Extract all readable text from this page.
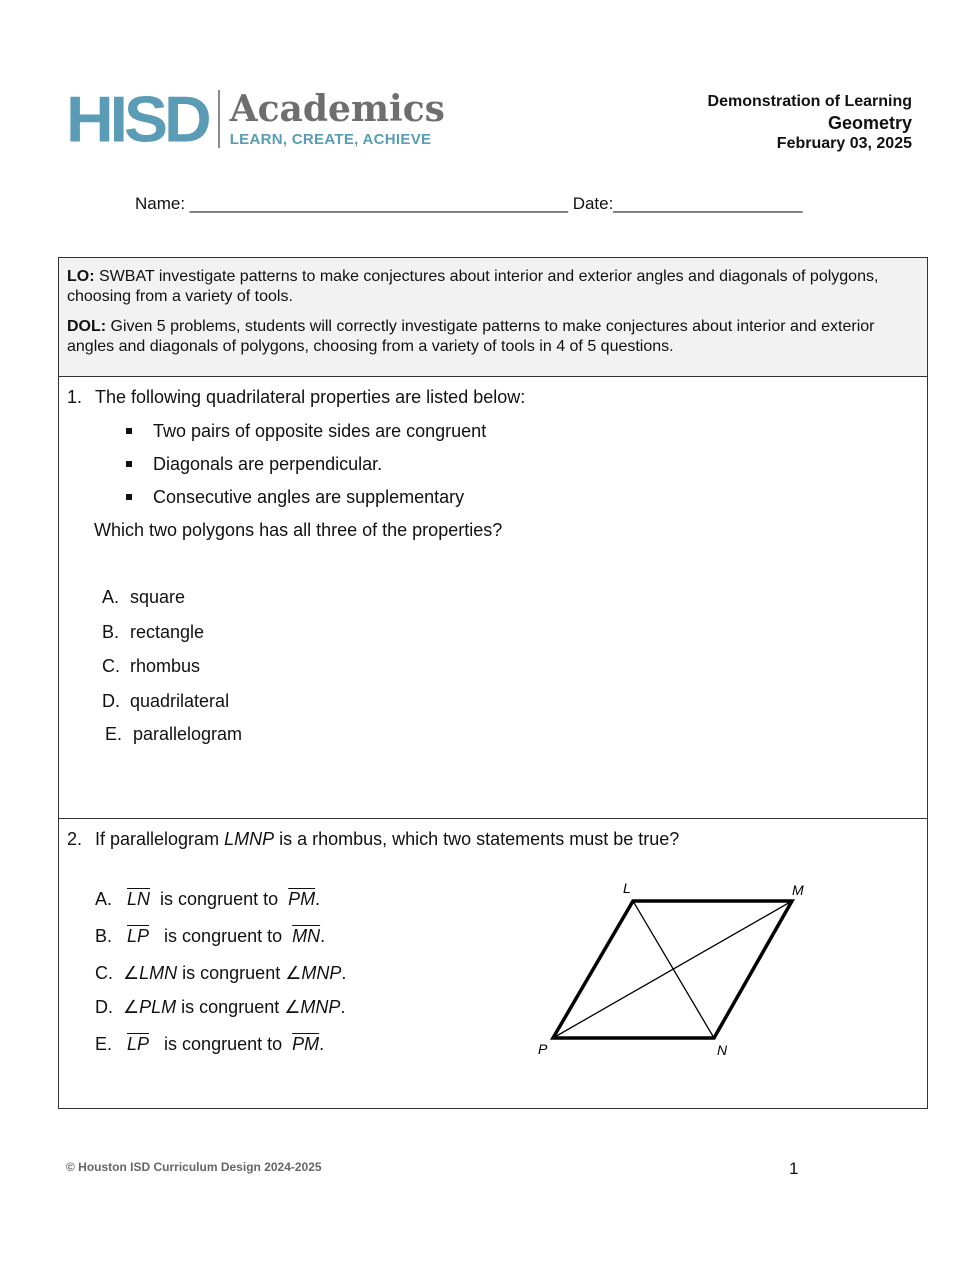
HISD Academics
LEARN, CREATE, ACHIEVE
Demonstration of Learning
Geometry
February 03, 2025
Name: ________________________________________ Date:____________________

LO: SWBAT investigate patterns to make conjectures about interior and exterior angles and diagonals of polygons, choosing from a variety of tools.

DOL: Given 5 problems, students will correctly investigate patterns to make conjectures about interior and exterior angles and diagonals of polygons, choosing from a variety of tools in 4 of 5 questions.

1. The following quadrilateral properties are listed below:
Two pairs of opposite sides are congruent
Diagonals are perpendicular.
Consecutive angles are supplementary
Which two polygons has all three of the properties?
A. square
B. rectangle
C. rhombus
D. quadrilateral
E. parallelogram
2. If parallelogram LMNP is a rhombus, which two statements must be true?
A. $\overline{LN}$ is congruent to $\overline{PM}$.
B. $\overline{LP}$ is congruent to $\overline{MN}$.
C. ∠LMN is congruent ∠MNP.
D. ∠PLM is congruent ∠MNP.
E. $\overline{LP}$ is congruent to $\overline{PM}$.
L	M
N
P
© Houston ISD Curriculum Design 2024-2025	1
